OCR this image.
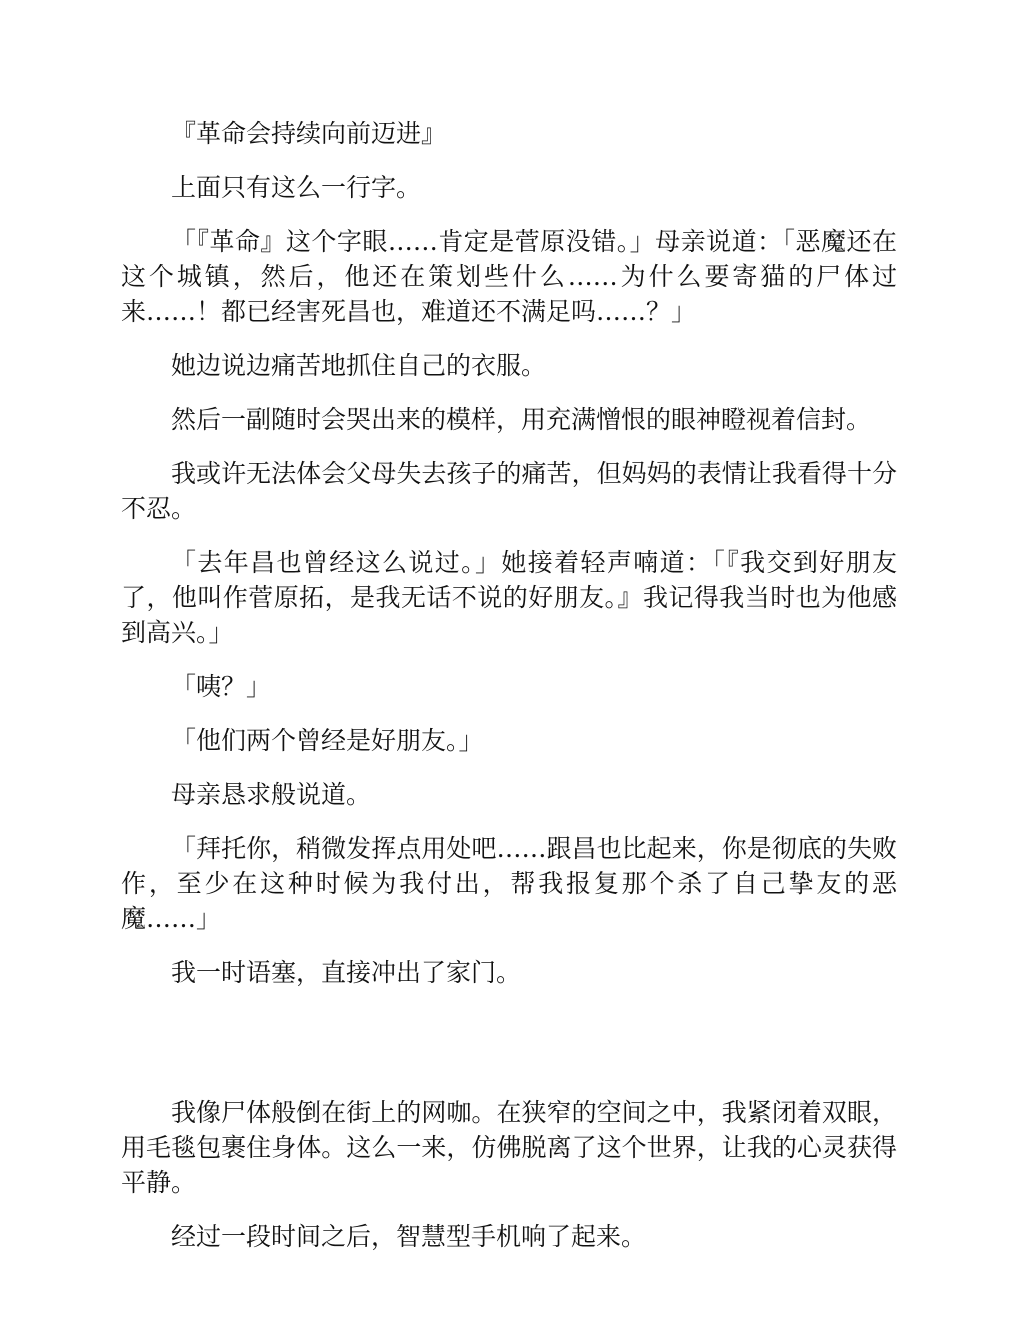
『革命会持续向前迈进』

上面只有这么一行字。

「『革命』这个字眼……肯定是菅原没错。」母亲说道：「恶魔还在这个城镇，然后，他还在策划些什么……为什么要寄猫的尸体过来……！都已经害死昌也，难道还不满足吗……？」

她边说边痛苦地抓住自己的衣服。

然后一副随时会哭出来的模样，用充满憎恨的眼神瞪视着信封。

我或许无法体会父母失去孩子的痛苦，但妈妈的表情让我看得十分不忍。

「去年昌也曾经这么说过。」她接着轻声喃道：「『我交到好朋友了，他叫作菅原拓，是我无话不说的好朋友。』我记得我当时也为他感到高兴。」

「咦？」

「他们两个曾经是好朋友。」

母亲恳求般说道。

「拜托你，稍微发挥点用处吧……跟昌也比起来，你是彻底的失败作，至少在这种时候为我付出，帮我报复那个杀了自己挚友的恶魔……」

我一时语塞，直接冲出了家门。

我像尸体般倒在街上的网咖。在狭窄的空间之中，我紧闭着双眼，用毛毯包裹住身体。这么一来，仿佛脱离了这个世界，让我的心灵获得平静。

经过一段时间之后，智慧型手机响了起来。
